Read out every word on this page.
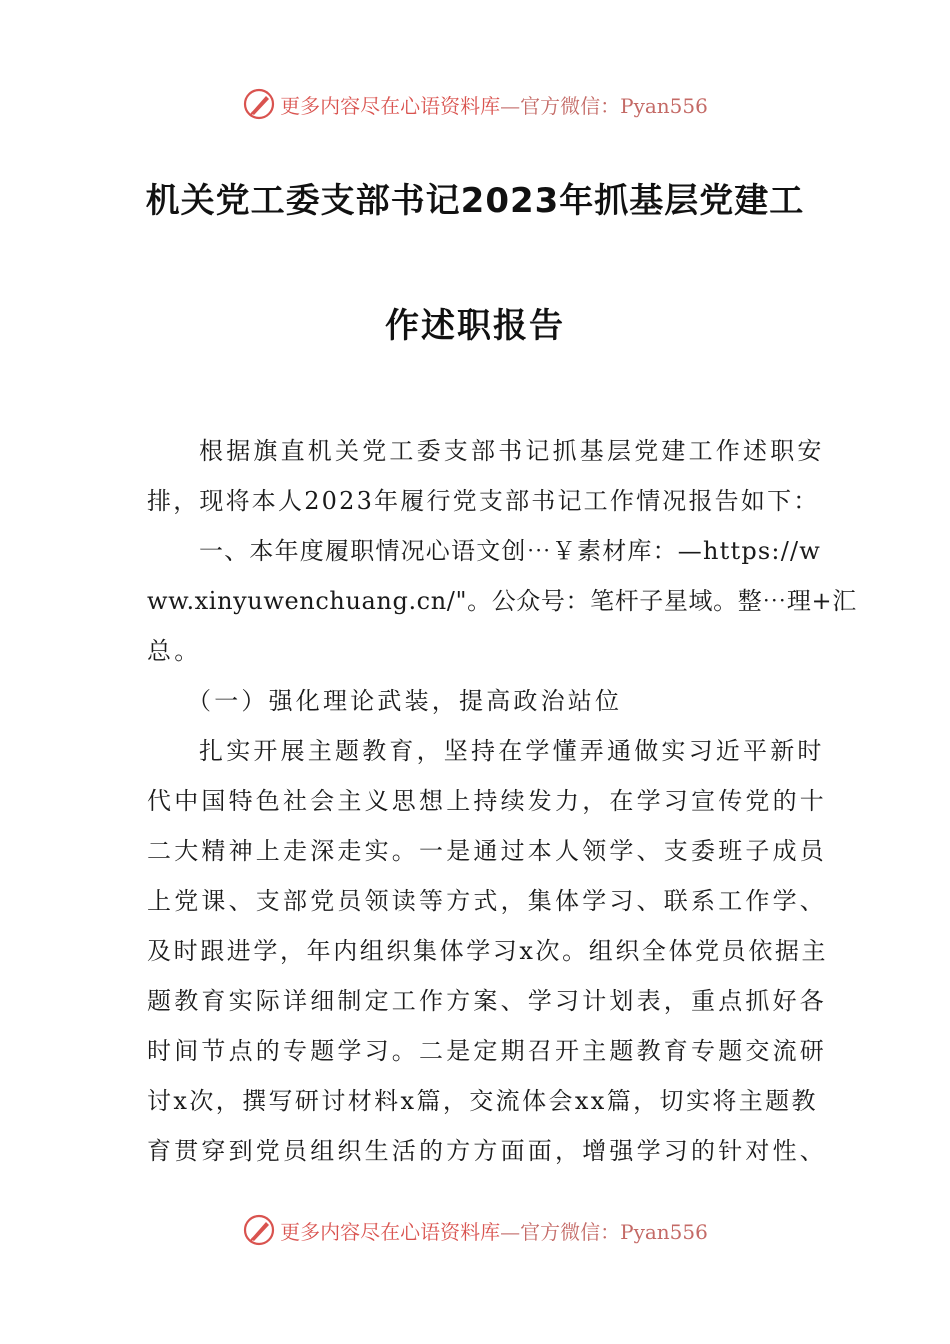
更多内容尽在心语资料库—官方微信：Pyan556
机关党工委支部书记2023年抓基层党建工
作述职报告
根据旗直机关党工委支部书记抓基层党建工作述职安
排，现将本人2023年履行党支部书记工作情况报告如下：
一、本年度履职情况心语文创⋯￥素材库：—https://w
ww.xinyuwenchuang.cn/"。公众号：笔杆子星域。整⋯理+汇
总。
（一）强化理论武装，提高政治站位
扎实开展主题教育，坚持在学懂弄通做实习近平新时
代中国特色社会主义思想上持续发力，在学习宣传党的十
二大精神上走深走实。一是通过本人领学、支委班子成员
上党课、支部党员领读等方式，集体学习、联系工作学、
及时跟进学，年内组织集体学习x次。组织全体党员依据主
题教育实际详细制定工作方案、学习计划表，重点抓好各
时间节点的专题学习。二是定期召开主题教育专题交流研
讨x次，撰写研讨材料x篇，交流体会xx篇，切实将主题教
育贯穿到党员组织生活的方方面面，增强学习的针对性、
更多内容尽在心语资料库—官方微信：Pyan556
